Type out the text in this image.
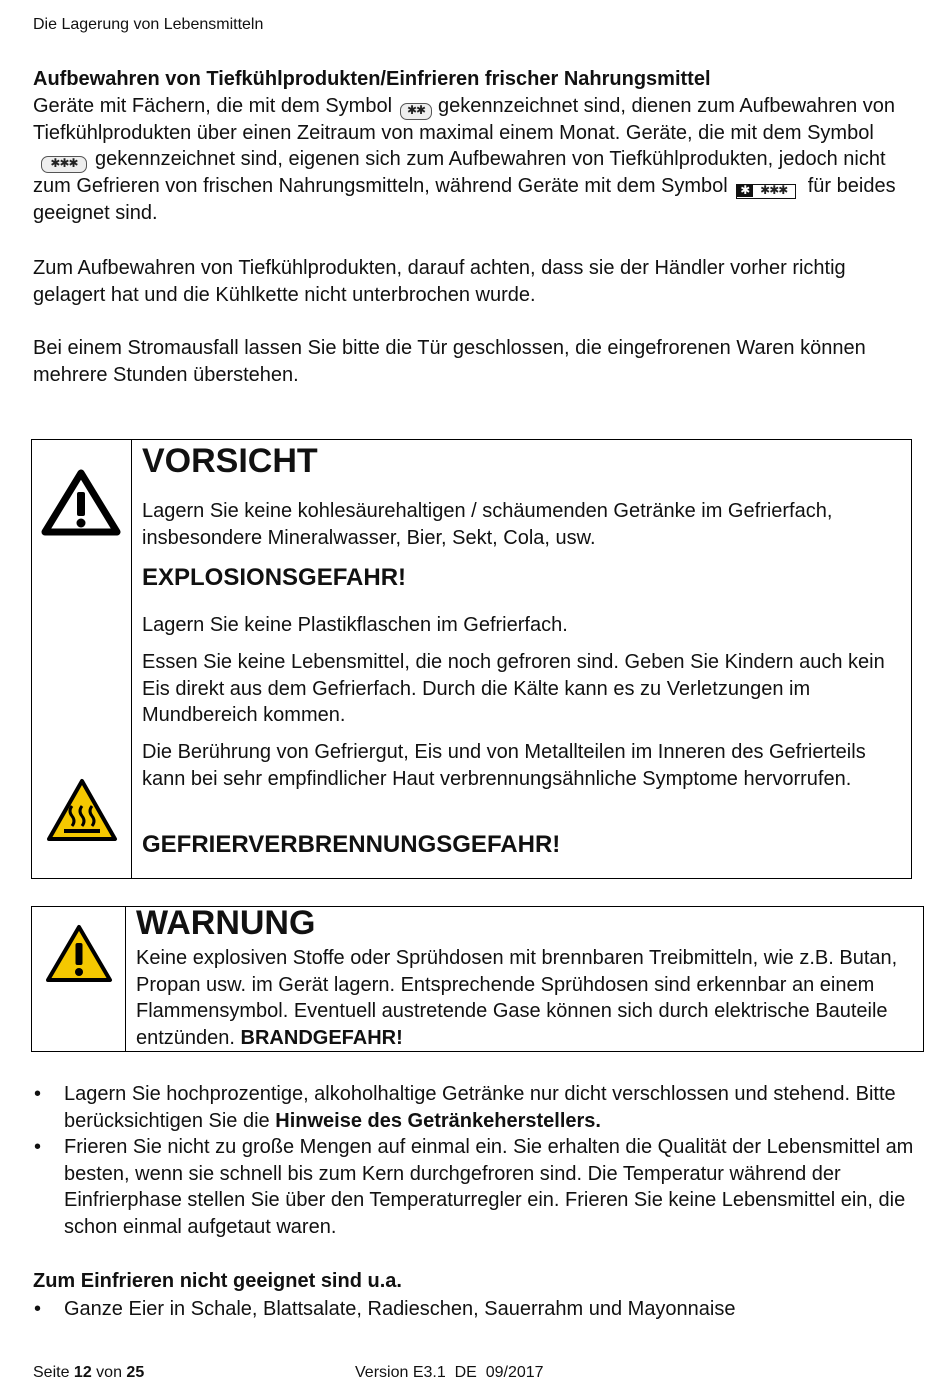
Die Lagerung von Lebensmitteln
Aufbewahren von Tiefkühlprodukten/Einfrieren frischer Nahrungsmittel
Geräte mit Fächern, die mit dem Symbol ✱✱ gekennzeichnet sind, dienen zum Aufbewahren von Tiefkühlprodukten über einen Zeitraum von maximal einem Monat. Geräte, die mit dem Symbol✱✱✱ gekennzeichnet sind, eigenen sich zum Aufbewahren von Tiefkühlprodukten, jedoch nicht zum Gefrieren von frischen Nahrungsmitteln, während Geräte mit dem Symbol ✱ ✱✱✱ für beides geeignet sind.
Zum Aufbewahren von Tiefkühlprodukten, darauf achten, dass sie der Händler vorher richtig gelagert hat und die Kühlkette nicht unterbrochen wurde.
Bei einem Stromausfall lassen Sie bitte die Tür geschlossen, die eingefrorenen Waren können mehrere Stunden überstehen.
VORSICHT
Lagern Sie keine kohlesäurehaltigen / schäumenden Getränke im Gefrierfach, insbesondere Mineralwasser, Bier, Sekt, Cola, usw.
EXPLOSIONSGEFAHR!
Lagern Sie keine Plastikflaschen im Gefrierfach.
Essen Sie keine Lebensmittel, die noch gefroren sind. Geben Sie Kindern auch kein Eis direkt aus dem Gefrierfach. Durch die Kälte kann es zu Verletzungen im Mundbereich kommen.
Die Berührung von Gefriergut, Eis und von Metallteilen im Inneren des Gefrierteils kann bei sehr empfindlicher Haut verbrennungsähnliche Symptome hervorrufen.
GEFRIERVERBRENNUNGSGEFAHR!
WARNUNG
Keine explosiven Stoffe oder Sprühdosen mit brennbaren Treibmitteln, wie z.B. Butan, Propan usw. im Gerät lagern. Entsprechende Sprühdosen sind erkennbar an einem Flammensymbol. Eventuell austretende Gase können sich durch elektrische Bauteile entzünden. BRANDGEFAHR!
• Lagern Sie hochprozentige, alkoholhaltige Getränke nur dicht verschlossen und stehend. Bitte berücksichtigen Sie die Hinweise des Getränkeherstellers.
• Frieren Sie nicht zu große Mengen auf einmal ein. Sie erhalten die Qualität der Lebensmittel am besten, wenn sie schnell bis zum Kern durchgefroren sind. Die Temperatur während der Einfrierphase stellen Sie über den Temperaturregler ein. Frieren Sie keine Lebensmittel ein, die schon einmal aufgetaut waren.
Zum Einfrieren nicht geeignet sind u.a.
• Ganze Eier in Schale, Blattsalate, Radieschen, Sauerrahm und Mayonnaise
Seite 12 von 25	Version E3.1  DE  09/2017
